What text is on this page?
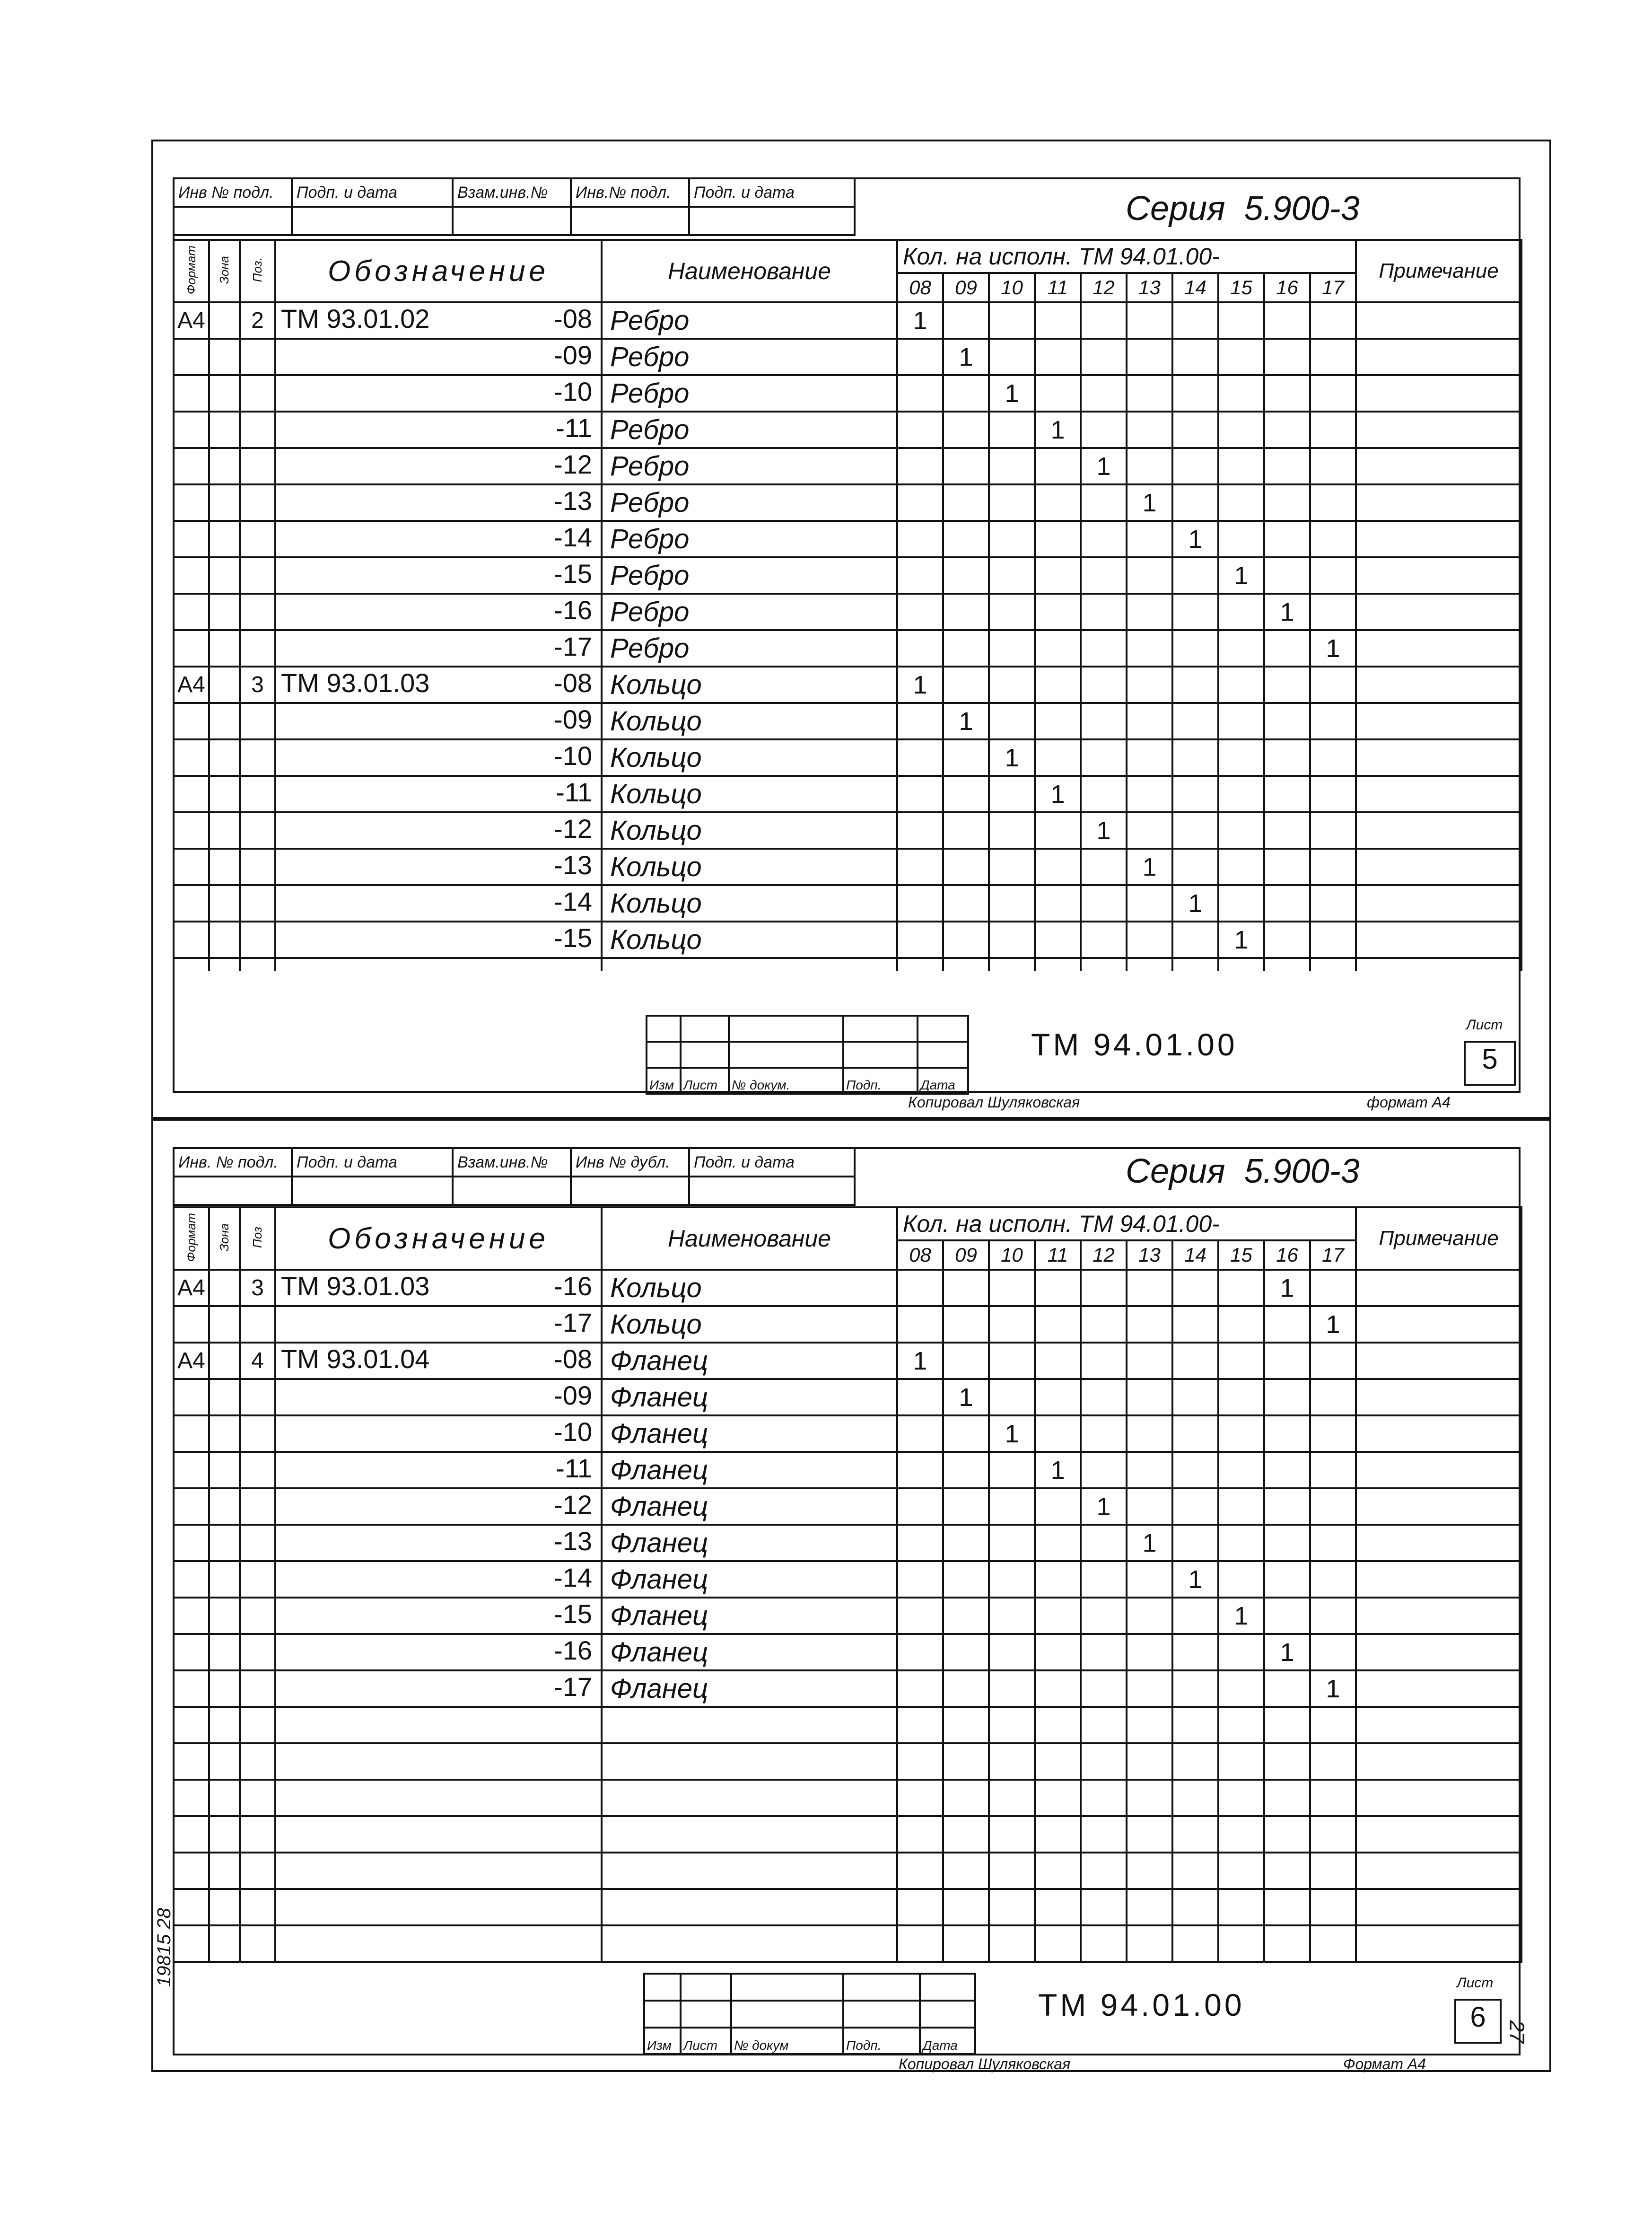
Инв № подл.	Подп. и дата	Взам.инв.№	Инв.№ подл.	Подп. и дата
					Серия 5.900-3
Формат	Зона	Поз.	Обозначение	Наименование	Кол. на исполн. ТМ 94.01.00-										Примечание
					08	09	10	11	12	13	14	15	16	17	
А4		2	ТМ 93.01.02 -08	Ребро	1										

			-09	Ребро		1									

			-10	Ребро			1								

			-11	Ребро				1							

			-12	Ребро					1						

			-13	Ребро						1					

			-14	Ребро							1				

			-15	Ребро								1			

			-16	Ребро									1		

			-17	Ребро										1	
А4		3	ТМ 93.01.03 -08	Кольцо	1										

			-09	Кольцо		1									

			-10	Кольцо			1								

			-11	Кольцо				1							

			-12	Кольцо					1						

			-13	Кольцо						1					

			-14	Кольцо							1				

			-15	Кольцо								1			

Изм	Лист	№ докум.	Подп.	Дата
ТМ 94.01.00
Лист
5
Копировал Шуляковская	формат А4
Инв. № подл.	Подп. и дата	Взам.инв.№	Инв № дубл.	Подп. и дата
					Серия 5.900-3
Формат	Зона	Поз	Обозначение	Наименование	Кол. на исполн. ТМ 94.01.00-										Примечание
					08	09	10	11	12	13	14	15	16	17	
А4		3	ТМ 93.01.03 -16	Кольцо									1		

			-17	Кольцо										1	
А4		4	ТМ 93.01.04 -08	Фланец	1										

			-09	Фланец		1									

			-10	Фланец			1								

			-11	Фланец				1							

			-12	Фланец					1						

			-13	Фланец						1					

			-14	Фланец							1				

			-15	Фланец								1			

			-16	Фланец									1		

			-17	Фланец										1	

Изм	Лист	№ докум	Подп.	Дата
ТМ 94.01.00
Лист
6
Копировал Шуляковская	Формат А4
19815 28
27
